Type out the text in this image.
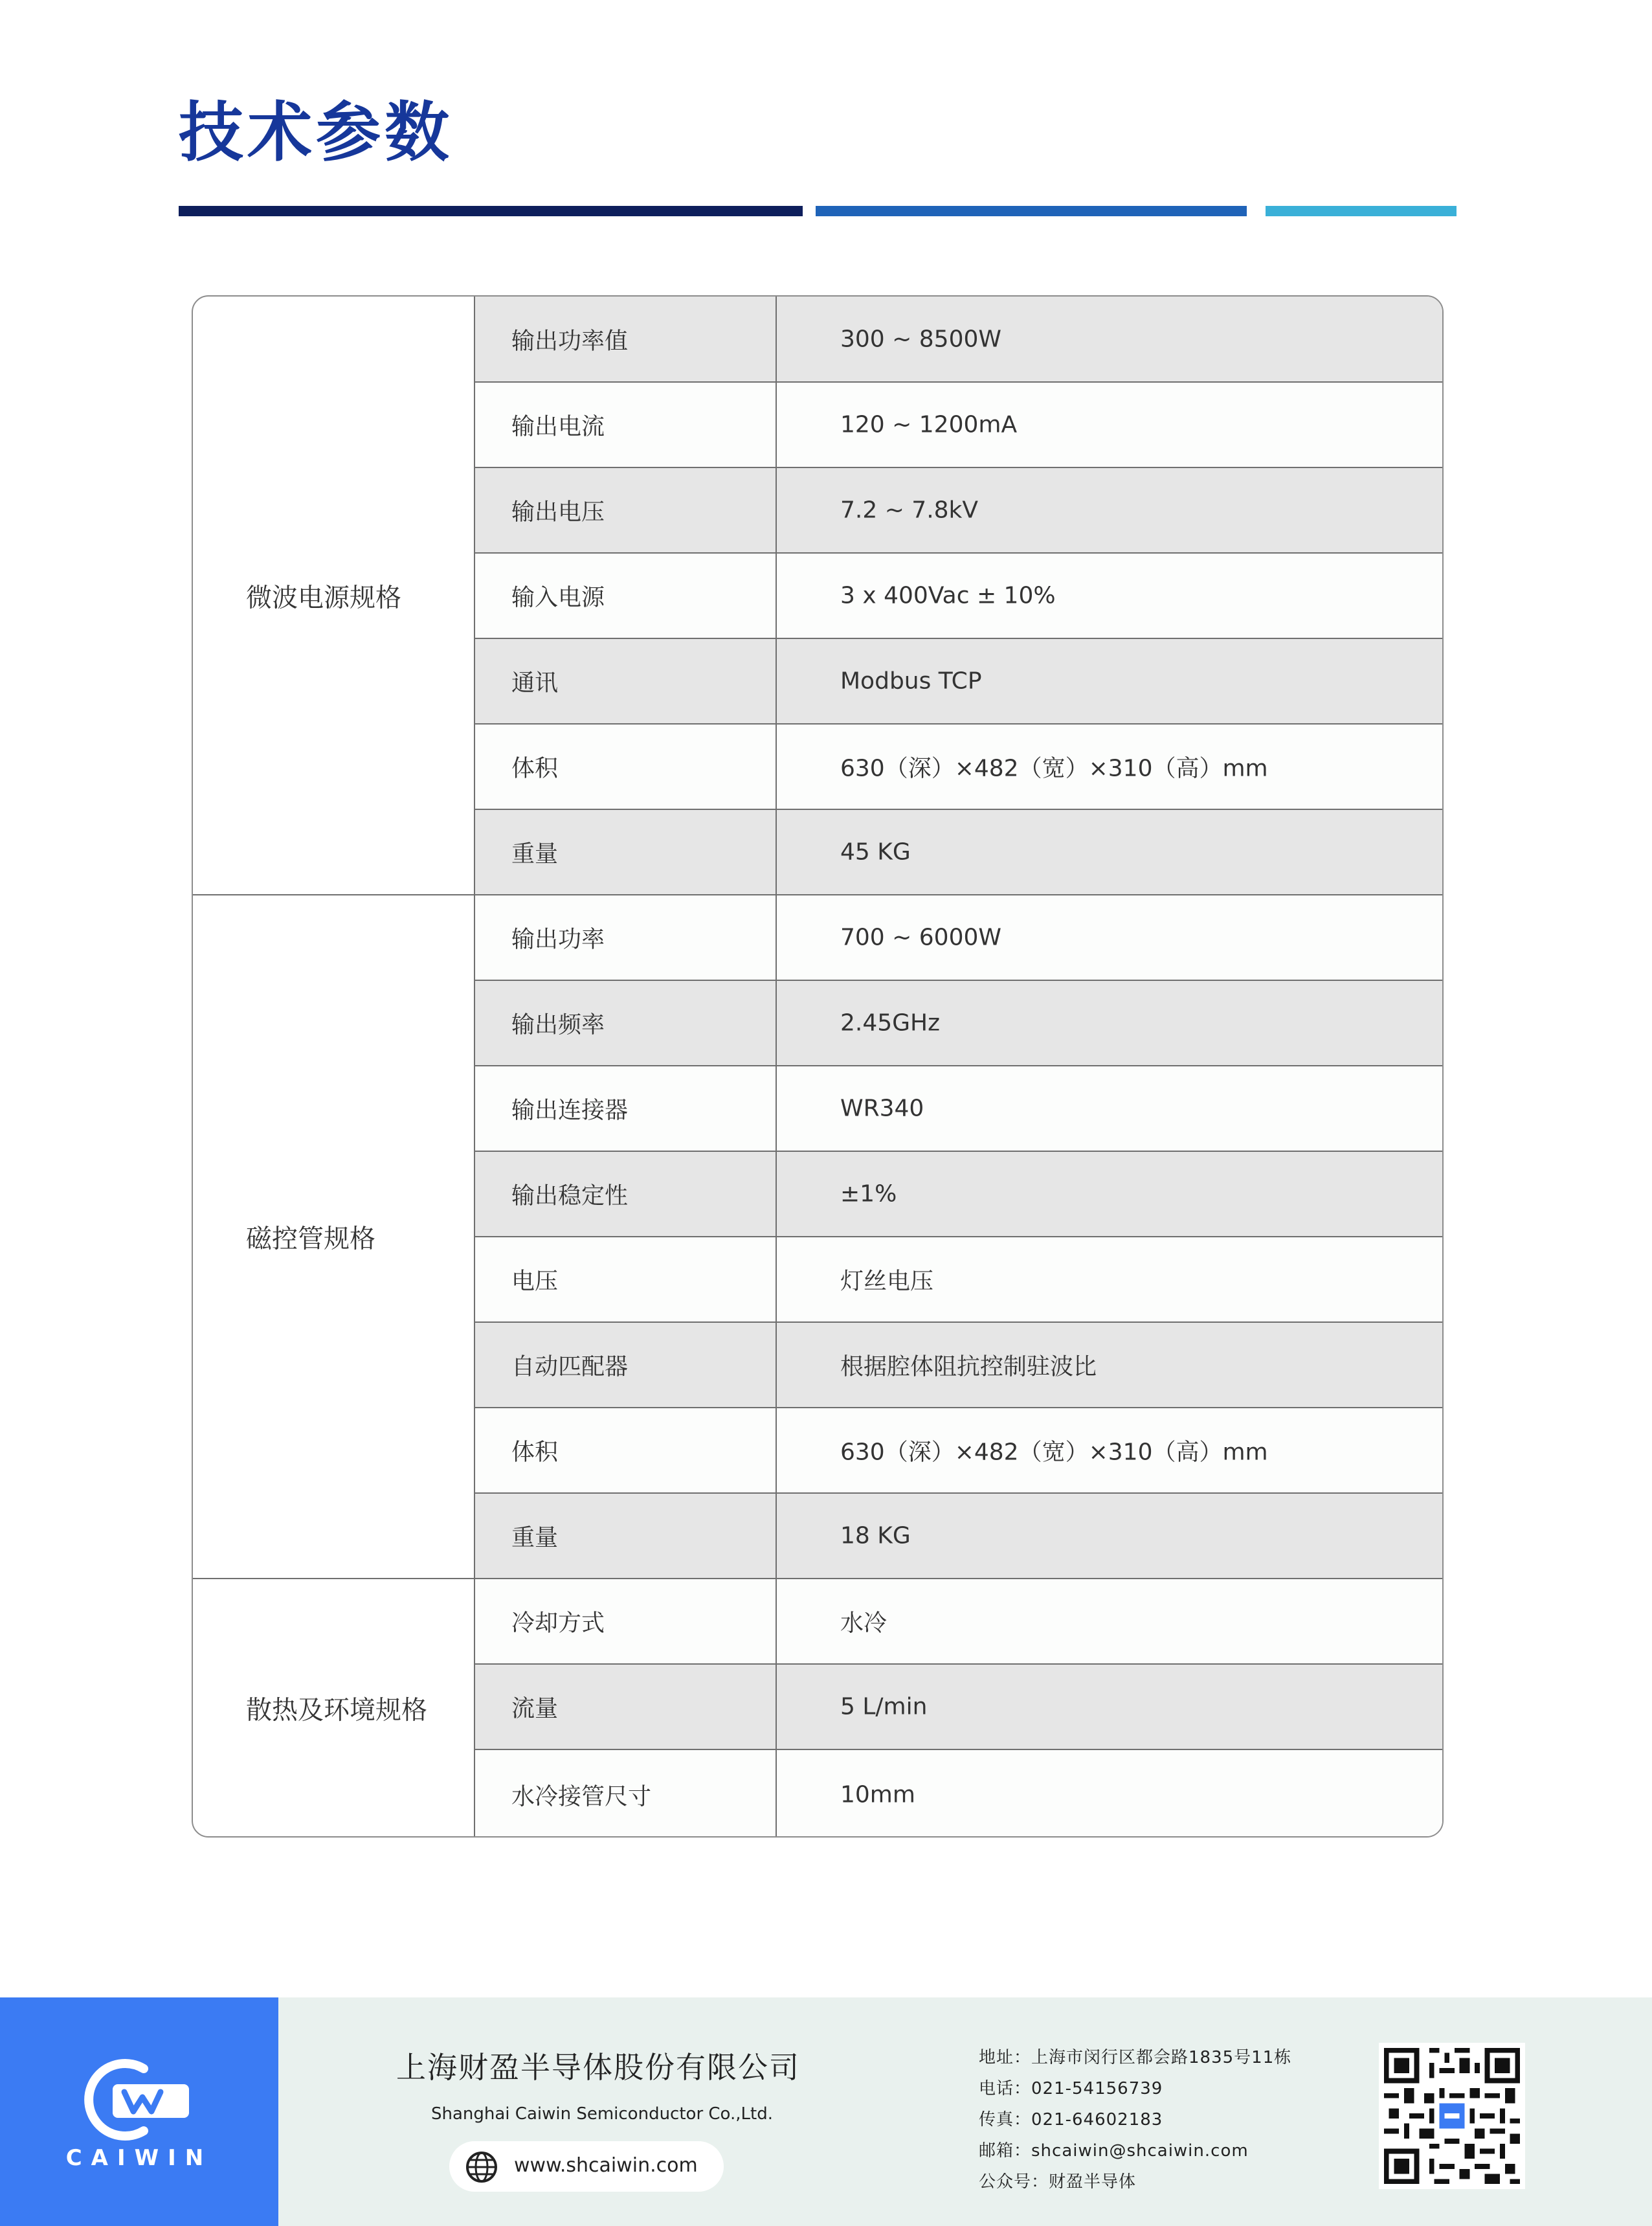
技术参数
微波电源规格
输出功率值	300 ~ 8500W
输出电流	120 ~ 1200mA
输出电压	7.2 ~ 7.8kV
输入电源	3 x 400Vac ± 10%
通讯	Modbus TCP
体积	630（深）×482（宽）×310（高）mm
重量	45 KG
磁控管规格
输出功率	700 ~ 6000W
输出频率	2.45GHz
输出连接器	WR340
输出稳定性	±1%
电压	灯丝电压
自动匹配器	根据腔体阻抗控制驻波比
体积	630（深）×482（宽）×310（高）mm
重量	18 KG
散热及环境规格
冷却方式	水冷
流量	5 L/min
水冷接管尺寸	10mm
CAIWIN
上海财盈半导体股份有限公司
Shanghai Caiwin Semiconductor Co.,Ltd.
www.shcaiwin.com
地址：上海市闵行区都会路1835号11栋
电话：021-54156739
传真：021-64602183
邮箱：shcaiwin@shcaiwin.com
公众号：财盈半导体
